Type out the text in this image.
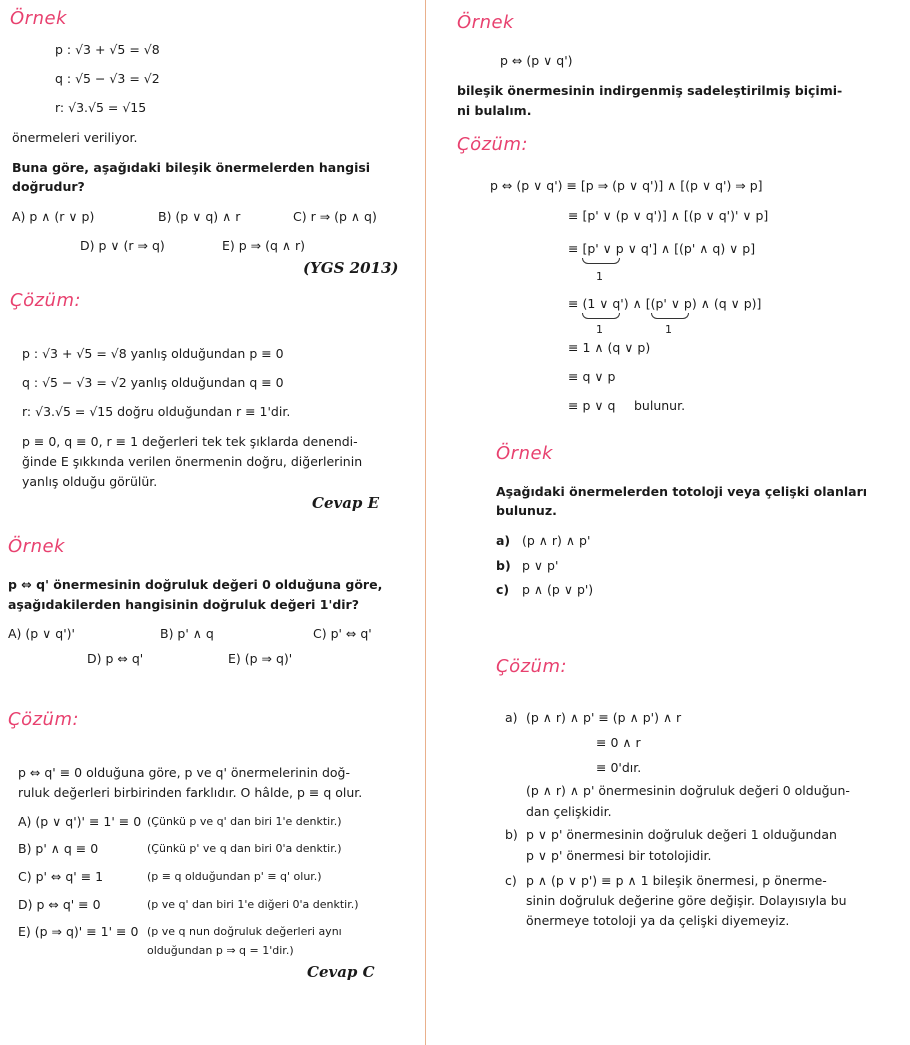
Örnek
p : √3 + √5 = √8
q : √5 − √3 = √2
r: √3.√5 = √15
önermeleri veriliyor.
Buna göre, aşağıdaki bileşik önermelerden hangisi
doğrudur?
A) p ∧ (r ∨ p)	B) (p ∨ q) ∧ r	C) r ⇒ (p ∧ q)
D) p ∨ (r ⇒ q)	E) p ⇒ (q ∧ r)
(YGS 2013)
Çözüm:
p : √3 + √5 = √8 yanlış olduğundan p ≡ 0
q : √5 − √3 = √2 yanlış olduğundan q ≡ 0
r: √3.√5 = √15 doğru olduğundan r ≡ 1'dir.
p ≡ 0, q ≡ 0, r ≡ 1 değerleri tek tek şıklarda denendi-
ğinde E şıkkında verilen önermenin doğru, diğerlerinin
yanlış olduğu görülür.
Cevap E
Örnek
p ⇔ q' önermesinin doğruluk değeri 0 olduğuna göre,
aşağıdakilerden hangisinin doğruluk değeri 1'dir?
A) (p ∨ q')'	B) p' ∧ q	C) p' ⇔ q'
D) p ⇔ q'	E) (p ⇒ q)'
Çözüm:
p ⇔ q' ≡ 0 olduğuna göre, p ve q' önermelerinin doğ-
ruluk değerleri birbirinden farklıdır. O hâlde, p ≡ q olur.
A) (p ∨ q')' ≡ 1' ≡ 0 (Çünkü p ve q' dan biri 1'e denktir.)
B) p' ∧ q ≡ 0	(Çünkü p' ve q dan biri 0'a denktir.)
C) p' ⇔ q' ≡ 1	(p ≡ q olduğundan p' ≡ q' olur.)
D) p ⇔ q' ≡ 0	(p ve q' dan biri 1'e diğeri 0'a denktir.)
E) (p ⇒ q)' ≡ 1' ≡ 0 (p ve q nun doğruluk değerleri aynı
olduğundan p ⇒ q = 1'dir.)
Cevap C
Örnek
p ⇔ (p ∨ q')
bileşik önermesinin indirgenmiş sadeleştirilmiş biçimi-
ni bulalım.
Çözüm:
p ⇔ (p ∨ q') ≡ [p ⇒ (p ∨ q')] ∧ [(p ∨ q') ⇒ p]
≡ [p' ∨ (p ∨ q')] ∧ [(p ∨ q')' ∨ p]
≡ [p' ∨ p ∨ q'] ∧ [(p' ∧ q) ∨ p]
1
≡ (1 ∨ q') ∧ [(p' ∨ p) ∧ (q ∨ p)]
1	1
≡ 1 ∧ (q ∨ p)
≡ q ∨ p
≡ p ∨ q bulunur.
Örnek
Aşağıdaki önermelerden totoloji veya çelişki olanları
bulunuz.
a) (p ∧ r) ∧ p'
b) p ∨ p'
c) p ∧ (p ∨ p')
Çözüm:
a) (p ∧ r) ∧ p' ≡ (p ∧ p') ∧ r
≡ 0 ∧ r
≡ 0'dır.
(p ∧ r) ∧ p' önermesinin doğruluk değeri 0 olduğun-
dan çelişkidir.
b) p ∨ p' önermesinin doğruluk değeri 1 olduğundan
p ∨ p' önermesi bir totolojidir.
c) p ∧ (p ∨ p') ≡ p ∧ 1 bileşik önermesi, p önerme-
sinin doğruluk değerine göre değişir. Dolayısıyla bu
önermeye totoloji ya da çelişki diyemeyiz.
